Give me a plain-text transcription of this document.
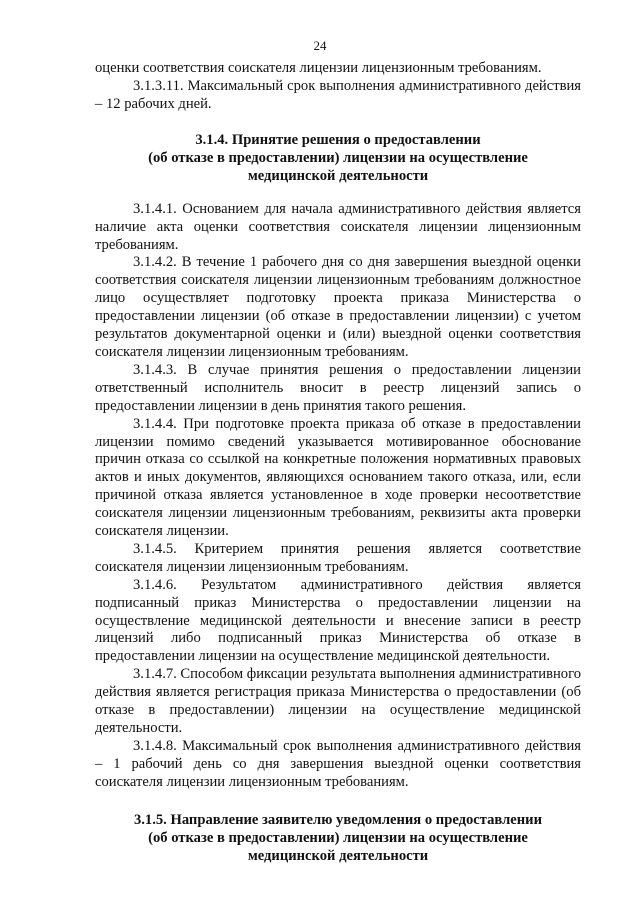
24

оценки соответствия соискателя лицензии лицензионным требованиям.

3.1.3.11. Максимальный срок выполнения административного действия – 12 рабочих дней.

3.1.4. Принятие решения о предоставлении
(об отказе в предоставлении) лицензии на осуществление
медицинской деятельности

3.1.4.1. Основанием для начала административного действия является наличие акта оценки соответствия соискателя лицензии лицензионным требованиям.

3.1.4.2. В течение 1 рабочего дня со дня завершения выездной оценки соответствия соискателя лицензии лицензионным требованиям должностное лицо осуществляет подготовку проекта приказа Министерства о предоставлении лицензии (об отказе в предоставлении лицензии) с учетом результатов документарной оценки и (или) выездной оценки соответствия соискателя лицензии лицензионным требованиям.

3.1.4.3. В случае принятия решения о предоставлении лицензии ответственный исполнитель вносит в реестр лицензий запись о предоставлении лицензии в день принятия такого решения.

3.1.4.4. При подготовке проекта приказа об отказе в предоставлении лицензии помимо сведений указывается мотивированное обоснование причин отказа со ссылкой на конкретные положения нормативных правовых актов и иных документов, являющихся основанием такого отказа, или, если причиной отказа является установленное в ходе проверки несоответствие соискателя лицензии лицензионным требованиям, реквизиты акта проверки соискателя лицензии.

3.1.4.5. Критерием принятия решения является соответствие соискателя лицензии лицензионным требованиям.

3.1.4.6. Результатом административного действия является подписанный приказ Министерства о предоставлении лицензии на осуществление медицинской деятельности и внесение записи в реестр лицензий либо подписанный приказ Министерства об отказе в предоставлении лицензии на осуществление медицинской деятельности.

3.1.4.7. Способом фиксации результата выполнения административного действия является регистрация приказа Министерства о предоставлении (об отказе в предоставлении) лицензии на осуществление медицинской деятельности.

3.1.4.8. Максимальный срок выполнения административного действия – 1 рабочий день со дня завершения выездной оценки соответствия соискателя лицензии лицензионным требованиям.

3.1.5. Направление заявителю уведомления о предоставлении
(об отказе в предоставлении) лицензии на осуществление
медицинской деятельности
